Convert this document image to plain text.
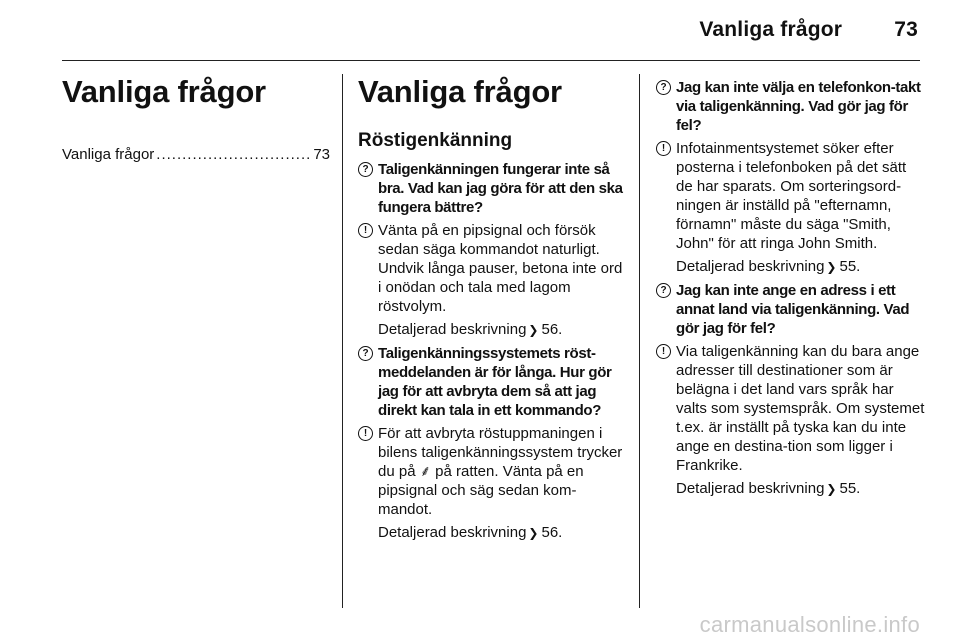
Vanliga frågor 73
Vanliga frågor
Vanliga frågor
.....	73
Vanliga frågor
Röstigenkänning
? Taligenkänningen fungerar inte så bra. Vad kan jag göra för att den ska fungera bättre?
! Vänta på en pipsignal och försök sedan säga kommandot naturligt. Undvik långa pauser, betona inte ord i onödan och tala med lagom röstvolym.
Detaljerad beskrivning ❯ 56.
? Taligenkänningssystemets röst-meddelanden är för långa. Hur gör jag för att avbryta dem så att jag direkt kan tala in ett kommando?
! För att avbryta röstuppmaningen i bilens taligenkänningssystem trycker du på ⸙ på ratten. Vänta på en pipsignal och säg sedan kom-mandot.
Detaljerad beskrivning ❯ 56.
? Jag kan inte välja en telefonkon-takt via taligenkänning. Vad gör jag för fel?
! Infotainmentsystemet söker efter posterna i telefonboken på det sätt de har sparats. Om sorteringsord-ningen är inställd på "efternamn, förnamn" måste du säga "Smith, John" för att ringa John Smith.
Detaljerad beskrivning ❯ 55.
? Jag kan inte ange en adress i ett annat land via taligenkänning. Vad gör jag för fel?
! Via taligenkänning kan du bara ange adresser till destinationer som är belägna i det land vars språk har valts som systemspråk. Om systemet t.ex. är inställt på tyska kan du inte ange en destina-tion som ligger i Frankrike.
Detaljerad beskrivning ❯ 55.
carmanualsonline.info
